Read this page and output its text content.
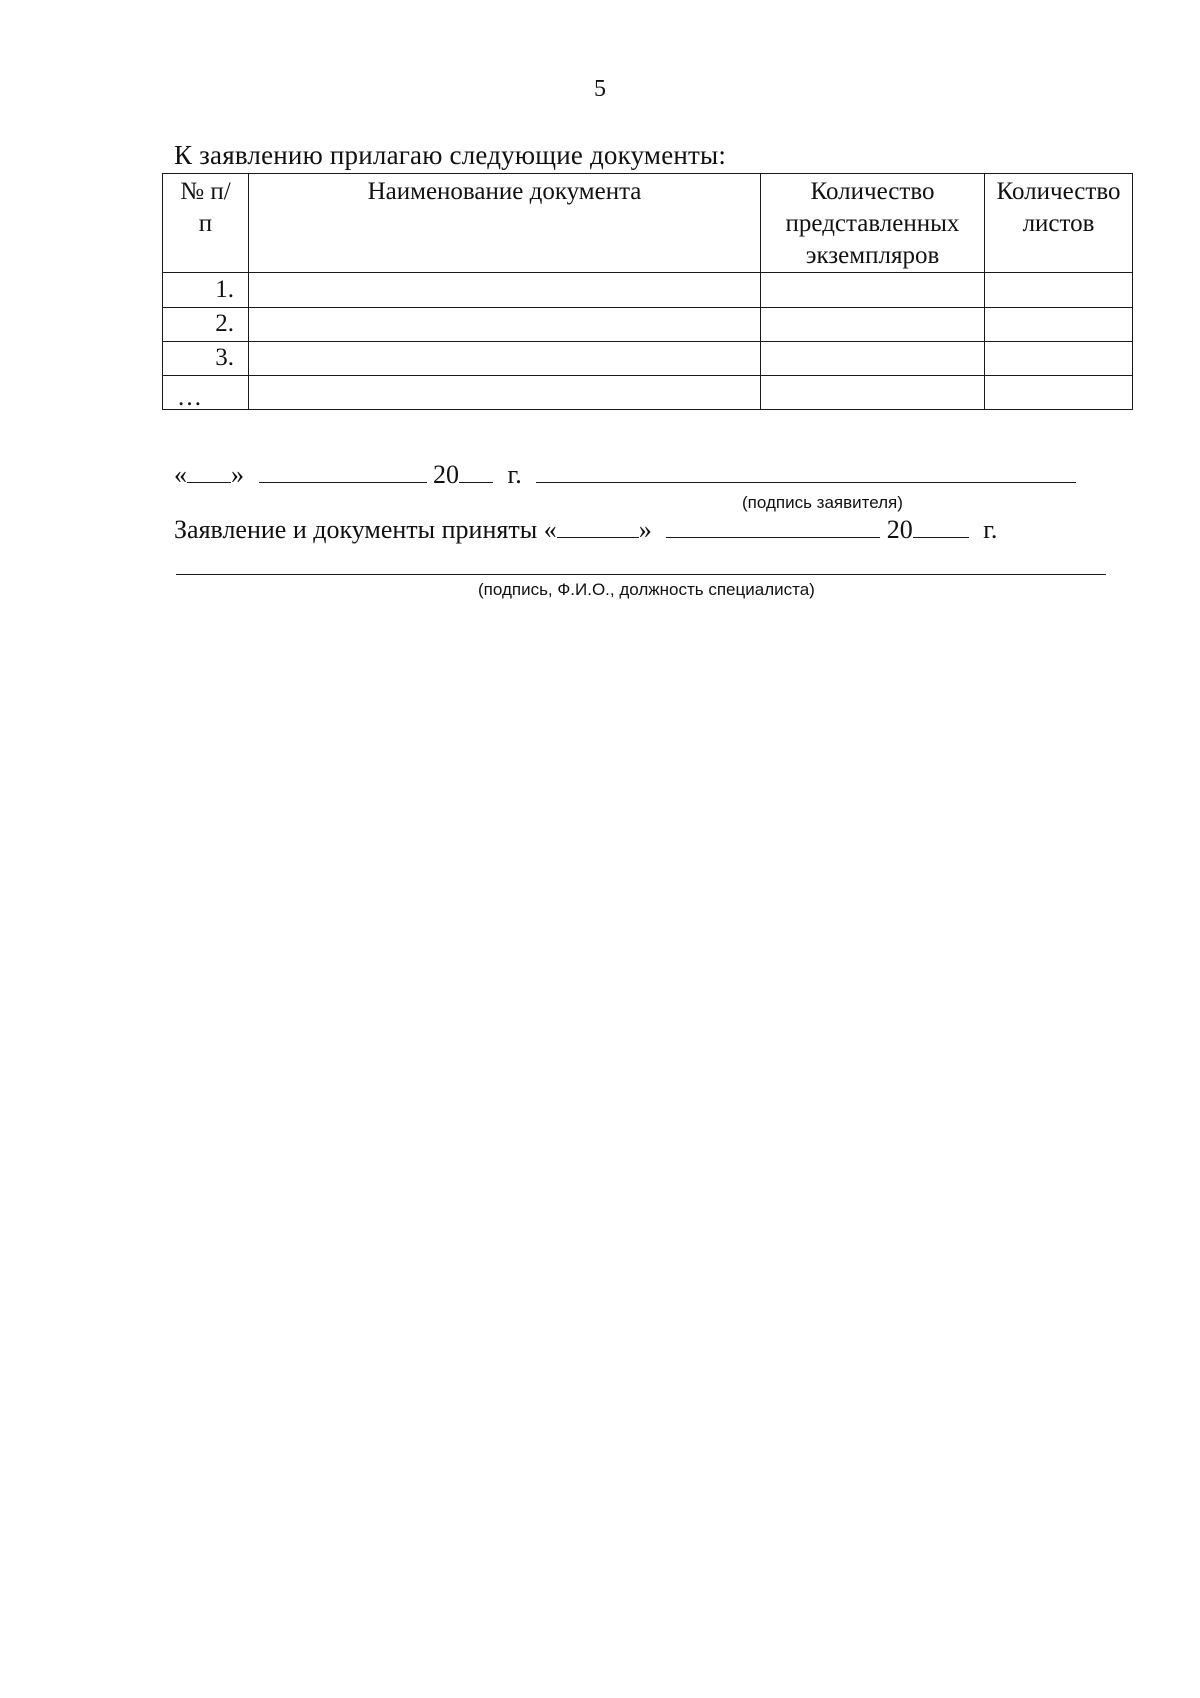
5
К заявлению прилагаю следующие документы:
№ п/п	Наименование документа	Количество представленных экземпляров	Количество листов
1.			
2.			
3.			
…			
« »	20 г.
(подпись заявителя)
Заявление и документы приняты «	»	20	г.
(подпись, Ф.И.О., должность специалиста)
